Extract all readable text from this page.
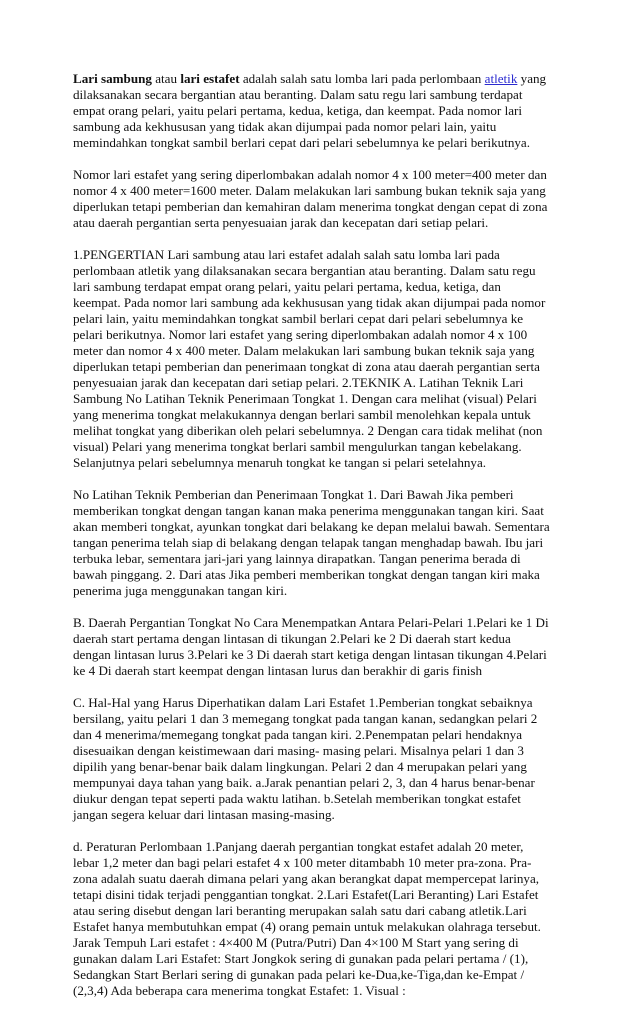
Lari sambung atau lari estafet adalah salah satu lomba lari pada perlombaan atletik yang dilaksanakan secara bergantian atau beranting. Dalam satu regu lari sambung terdapat empat orang pelari, yaitu pelari pertama, kedua, ketiga, dan keempat. Pada nomor lari sambung ada kekhususan yang tidak akan dijumpai pada nomor pelari lain, yaitu memindahkan tongkat sambil berlari cepat dari pelari sebelumnya ke pelari berikutnya.

Nomor lari estafet yang sering diperlombakan adalah nomor 4 x 100 meter=400 meter dan nomor 4 x 400 meter=1600 meter. Dalam melakukan lari sambung bukan teknik saja yang diperlukan tetapi pemberian dan kemahiran dalam menerima tongkat dengan cepat di zona atau daerah pergantian serta penyesuaian jarak dan kecepatan dari setiap pelari.

1.PENGERTIAN Lari sambung atau lari estafet adalah salah satu lomba lari pada perlombaan atletik yang dilaksanakan secara bergantian atau beranting. Dalam satu regu lari sambung terdapat empat orang pelari, yaitu pelari pertama, kedua, ketiga, dan keempat. Pada nomor lari sambung ada kekhususan yang tidak akan dijumpai pada nomor pelari lain, yaitu memindahkan tongkat sambil berlari cepat dari pelari sebelumnya ke pelari berikutnya. Nomor lari estafet yang sering diperlombakan adalah nomor 4 x 100 meter dan nomor 4 x 400 meter. Dalam melakukan lari sambung bukan teknik saja yang diperlukan tetapi pemberian dan penerimaan tongkat di zona atau daerah pergantian serta penyesuaian jarak dan kecepatan dari setiap pelari. 2.TEKNIK A. Latihan Teknik Lari Sambung No Latihan Teknik Penerimaan Tongkat 1. Dengan cara melihat (visual) Pelari yang menerima tongkat melakukannya dengan berlari sambil menolehkan kepala untuk melihat tongkat yang diberikan oleh pelari sebelumnya. 2 Dengan cara tidak melihat (non visual) Pelari yang menerima tongkat berlari sambil mengulurkan tangan kebelakang. Selanjutnya pelari sebelumnya menaruh tongkat ke tangan si pelari setelahnya.

No Latihan Teknik Pemberian dan Penerimaan Tongkat 1. Dari Bawah Jika pemberi memberikan tongkat dengan tangan kanan maka penerima menggunakan tangan kiri. Saat akan memberi tongkat, ayunkan tongkat dari belakang ke depan melalui bawah. Sementara tangan penerima telah siap di belakang dengan telapak tangan menghadap bawah. Ibu jari terbuka lebar, sementara jari-jari yang lainnya dirapatkan. Tangan penerima berada di bawah pinggang. 2. Dari atas Jika pemberi memberikan tongkat dengan tangan kiri maka penerima juga menggunakan tangan kiri.

B. Daerah Pergantian Tongkat No Cara Menempatkan Antara Pelari-Pelari 1.Pelari ke 1 Di daerah start pertama dengan lintasan di tikungan 2.Pelari ke 2 Di daerah start kedua dengan lintasan lurus 3.Pelari ke 3 Di daerah start ketiga dengan lintasan tikungan 4.Pelari ke 4 Di daerah start keempat dengan lintasan lurus dan berakhir di garis finish

C. Hal-Hal yang Harus Diperhatikan dalam Lari Estafet 1.Pemberian tongkat sebaiknya bersilang, yaitu pelari 1 dan 3 memegang tongkat pada tangan kanan, sedangkan pelari 2 dan 4 menerima/memegang tongkat pada tangan kiri. 2.Penempatan pelari hendaknya disesuaikan dengan keistimewaan dari masing- masing pelari. Misalnya pelari 1 dan 3 dipilih yang benar-benar baik dalam lingkungan. Pelari 2 dan 4 merupakan pelari yang mempunyai daya tahan yang baik. a.Jarak penantian pelari 2, 3, dan 4 harus benar-benar diukur dengan tepat seperti pada waktu latihan. b.Setelah memberikan tongkat estafet jangan segera keluar dari lintasan masing-masing.

d. Peraturan Perlombaan 1.Panjang daerah pergantian tongkat estafet adalah 20 meter, lebar 1,2 meter dan bagi pelari estafet 4 x 100 meter ditambabh 10 meter pra-zona. Pra-zona adalah suatu daerah dimana pelari yang akan berangkat dapat mempercepat larinya, tetapi disini tidak terjadi penggantian tongkat. 2.Lari Estafet(Lari Beranting) Lari Estafet atau sering disebut dengan lari beranting merupakan salah satu dari cabang atletik.Lari Estafet hanya membutuhkan empat (4) orang pemain untuk melakukan olahraga tersebut. Jarak Tempuh Lari estafet : 4×400 M (Putra/Putri) Dan 4×100 M Start yang sering di gunakan dalam Lari Estafet: Start Jongkok sering di gunakan pada pelari pertama / (1), Sedangkan Start Berlari sering di gunakan pada pelari ke-Dua,ke-Tiga,dan ke-Empat / (2,3,4) Ada beberapa cara menerima tongkat Estafet: 1. Visual :
